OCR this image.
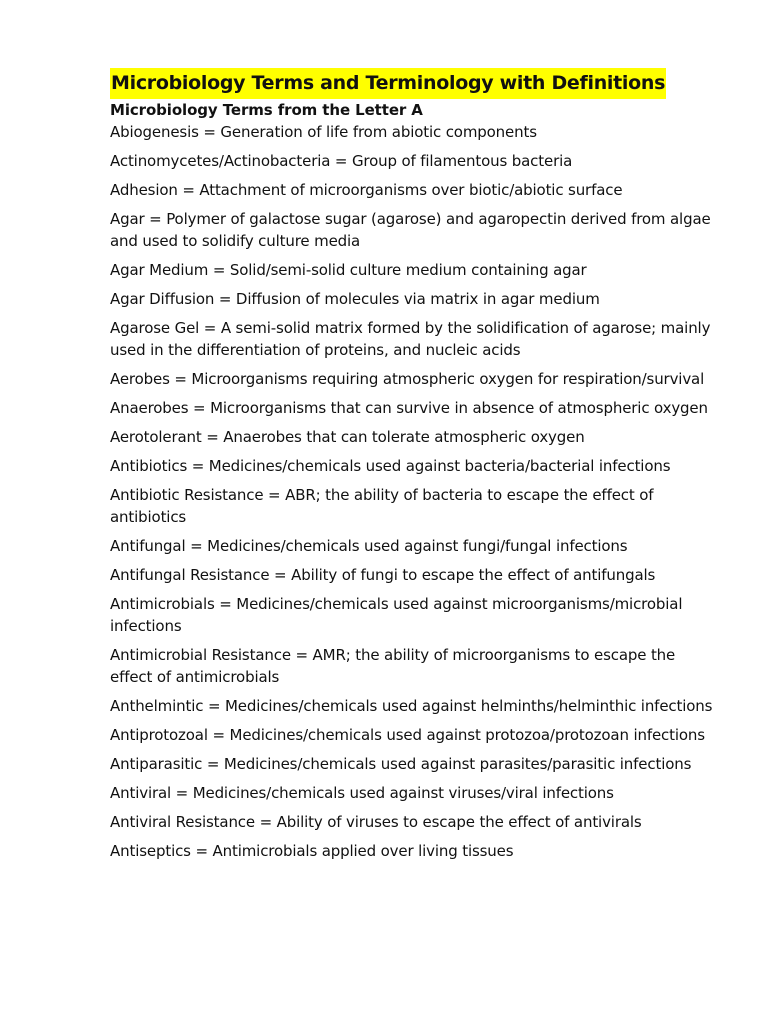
Microbiology Terms and Terminology with Definitions
Microbiology Terms from the Letter A
Abiogenesis = Generation of life from abiotic components
Actinomycetes/Actinobacteria = Group of filamentous bacteria
Adhesion = Attachment of microorganisms over biotic/abiotic surface
Agar = Polymer of galactose sugar (agarose) and agaropectin derived from algae and used to solidify culture media
Agar Medium = Solid/semi-solid culture medium containing agar
Agar Diffusion = Diffusion of molecules via matrix in agar medium
Agarose Gel = A semi-solid matrix formed by the solidification of agarose; mainly used in the differentiation of proteins, and nucleic acids
Aerobes = Microorganisms requiring atmospheric oxygen for respiration/survival
Anaerobes = Microorganisms that can survive in absence of atmospheric oxygen
Aerotolerant = Anaerobes that can tolerate atmospheric oxygen
Antibiotics = Medicines/chemicals used against bacteria/bacterial infections
Antibiotic Resistance = ABR; the ability of bacteria to escape the effect of antibiotics
Antifungal = Medicines/chemicals used against fungi/fungal infections
Antifungal Resistance = Ability of fungi to escape the effect of antifungals
Antimicrobials = Medicines/chemicals used against microorganisms/microbial infections
Antimicrobial Resistance = AMR; the ability of microorganisms to escape the effect of antimicrobials
Anthelmintic = Medicines/chemicals used against helminths/helminthic infections
Antiprotozoal = Medicines/chemicals used against protozoa/protozoan infections
Antiparasitic = Medicines/chemicals used against parasites/parasitic infections
Antiviral = Medicines/chemicals used against viruses/viral infections
Antiviral Resistance = Ability of viruses to escape the effect of antivirals
Antiseptics = Antimicrobials applied over living tissues
